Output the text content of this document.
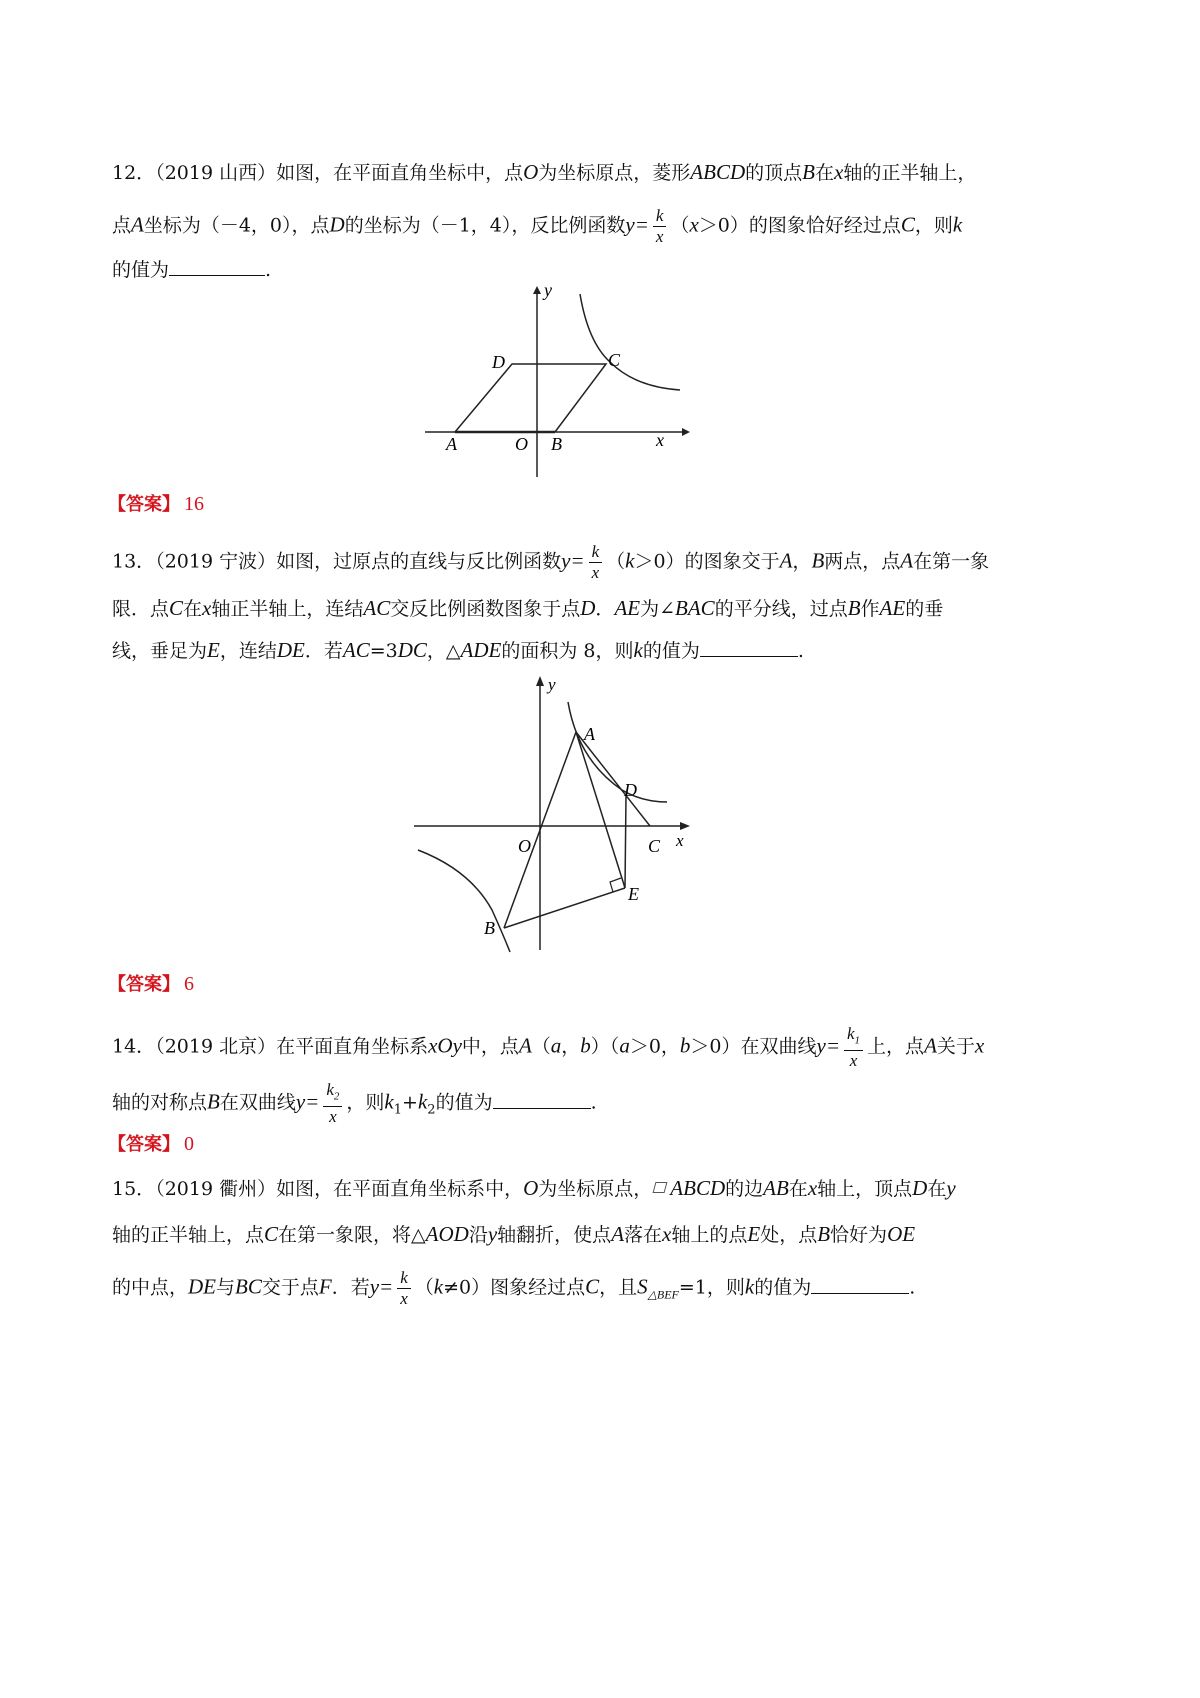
12．（2019 山西）如图，在平面直角坐标中，点O为坐标原点，菱形ABCD的顶点B在x轴的正半轴上，
点A坐标为（－4，0），点D的坐标为（－1，4），反比例函数$y= \frac{k}{x} (x>0)$的图象恰好经过点C，则k
的值为	.
y
x
D	C
A	O B
【答案】 16
13．（2019 宁波）如图，过原点的直线与反比例函数$y= \frac{k}{x} (k>0)$的图象交于A，B两点，点A在第一象
限．点C在x轴正半轴上，连结AC交反比例函数图象于点D．AE为∠BAC的平分线，过点B作AE的垂
线，垂足为E，连结DE．若AC=3DC，△ADE的面积为 8，则k的值为	.
y
x
A
D
O	C
E
B
【答案】 6
14．（2019 北京）在平面直角坐标系xOy中，点A（a，b）（a＞0，b＞0）在双曲线$y= \frac{k_1}{x}$ 上，点A关于x
轴的对称点B在双曲线$y= \frac{k_2}{x}$ ，则$k_1+k_2$的值为	.
【答案】 0
15．（2019 衢州）如图，在平面直角坐标系中，O为坐标原点， ABCD的边AB在x轴上，顶点D在y
轴的正半轴上，点C在第一象限，将△AOD沿y轴翻折，使点A落在x轴上的点E处，点B恰好为OE
的中点，DE与BC交于点F．若$y= \frac{k}{x} (k\ne 0)$图象经过点C，且$S_{\triangle BEF}=1$，则k的值为	.
